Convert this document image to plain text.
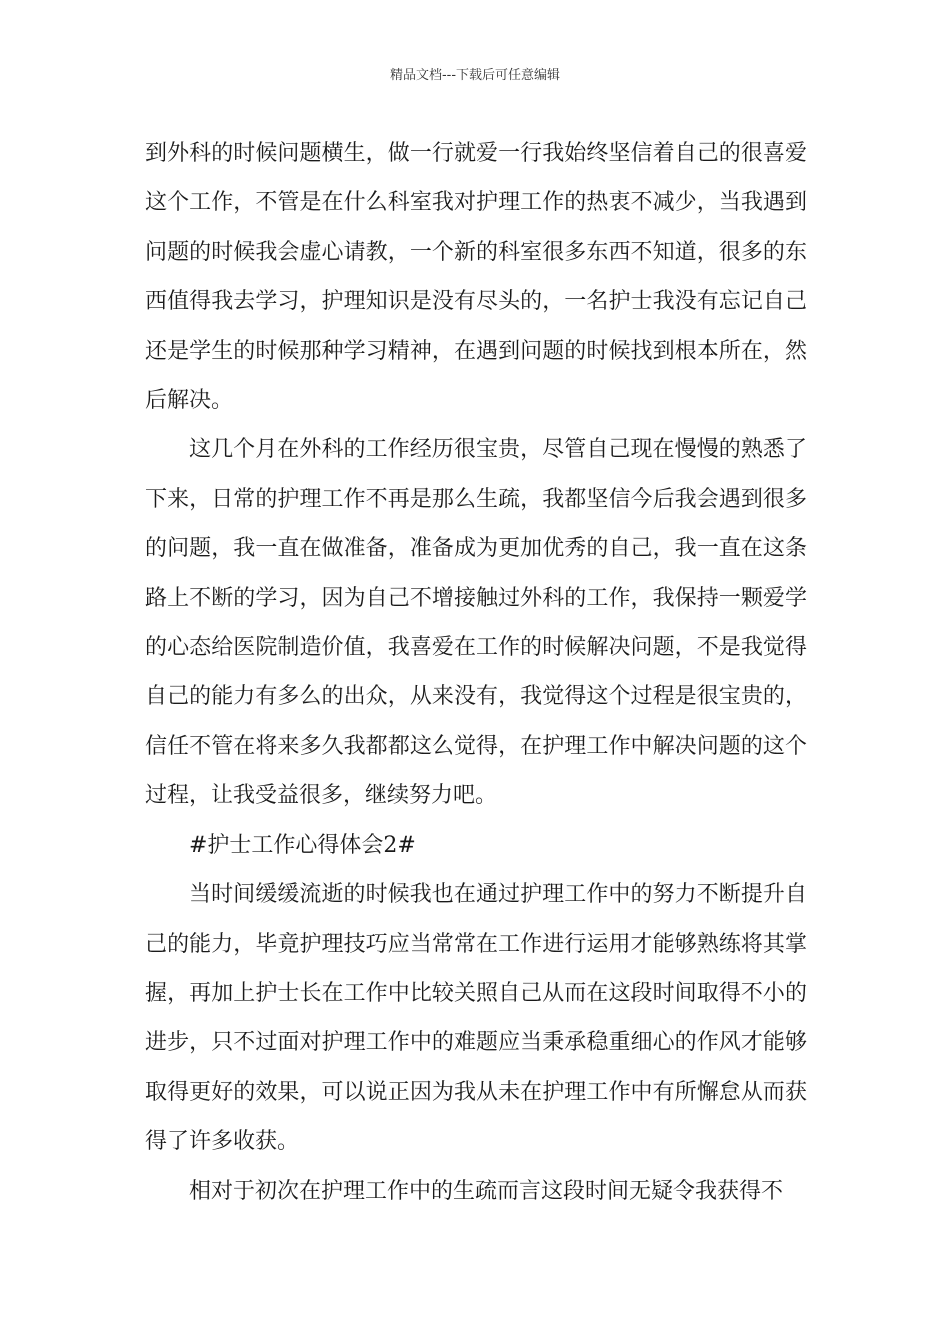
精品文档---下载后可任意编辑

到外科的时候问题横生，做一行就爱一行我始终坚信着自己的很喜爱这个工作，不管是在什么科室我对护理工作的热衷不减少，当我遇到问题的时候我会虚心请教，一个新的科室很多东西不知道，很多的东西值得我去学习，护理知识是没有尽头的，一名护士我没有忘记自己还是学生的时候那种学习精神，在遇到问题的时候找到根本所在，然后解决。

这几个月在外科的工作经历很宝贵，尽管自己现在慢慢的熟悉了下来，日常的护理工作不再是那么生疏，我都坚信今后我会遇到很多的问题，我一直在做准备，准备成为更加优秀的自己，我一直在这条路上不断的学习，因为自己不增接触过外科的工作，我保持一颗爱学的心态给医院制造价值，我喜爱在工作的时候解决问题，不是我觉得自己的能力有多么的出众，从来没有，我觉得这个过程是很宝贵的，信任不管在将来多久我都都这么觉得，在护理工作中解决问题的这个过程，让我受益很多，继续努力吧。

#护士工作心得体会2#

当时间缓缓流逝的时候我也在通过护理工作中的努力不断提升自己的能力，毕竟护理技巧应当常常在工作进行运用才能够熟练将其掌握，再加上护士长在工作中比较关照自己从而在这段时间取得不小的进步，只不过面对护理工作中的难题应当秉承稳重细心的作风才能够取得更好的效果，可以说正因为我从未在护理工作中有所懈怠从而获得了许多收获。

相对于初次在护理工作中的生疏而言这段时间无疑令我获得不
